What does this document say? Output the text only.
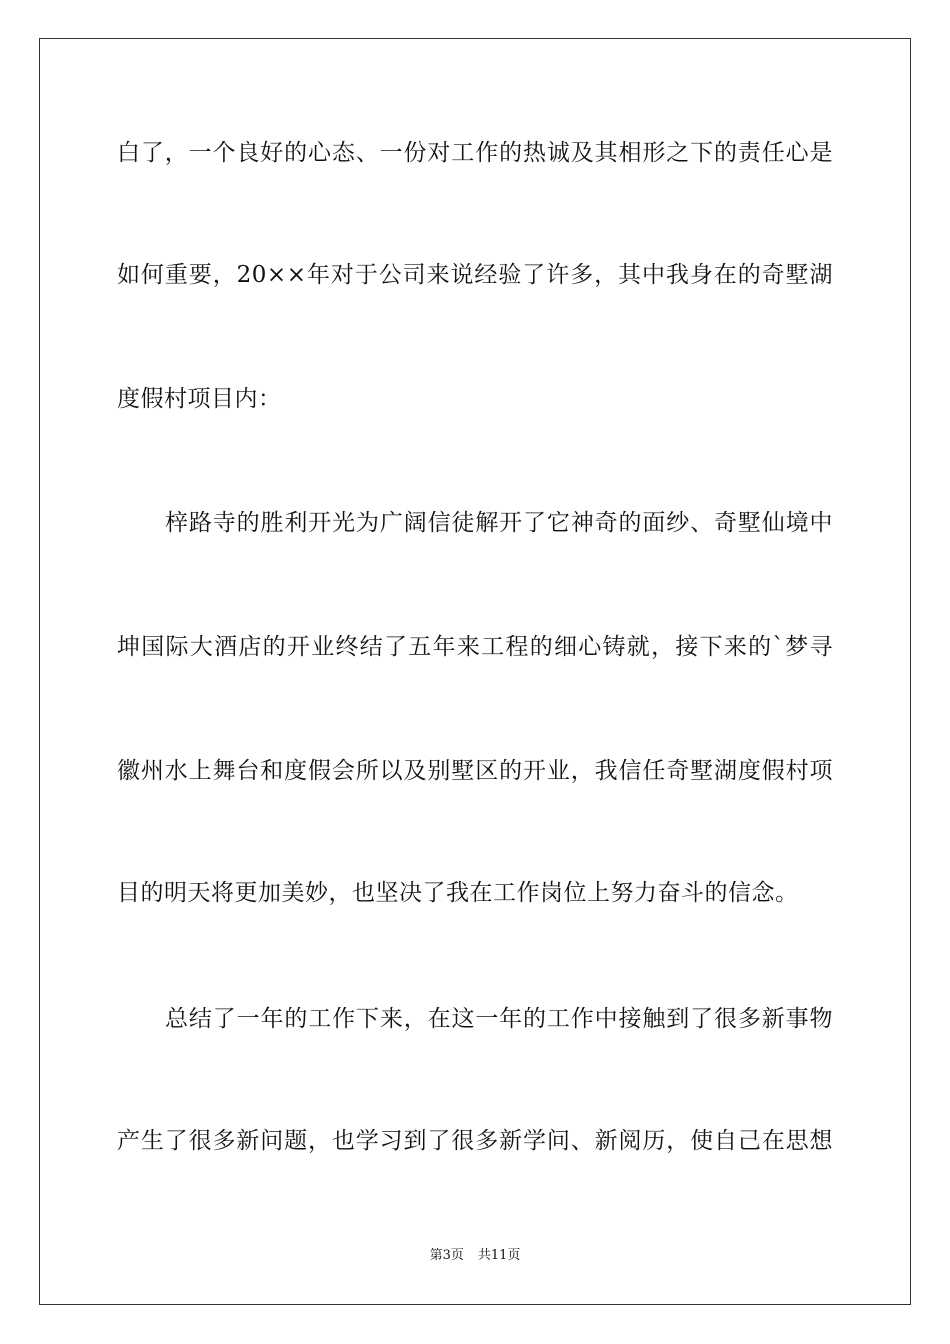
白了，一个良好的心态、一份对工作的热诚及其相形之下的责任心是
如何重要，20××年对于公司来说经验了许多，其中我身在的奇墅湖
度假村项目内：
梓路寺的胜利开光为广阔信徒解开了它神奇的面纱、奇墅仙境中
坤国际大酒店的开业终结了五年来工程的细心铸就，接下来的`梦寻
徽州水上舞台和度假会所以及别墅区的开业，我信任奇墅湖度假村项
目的明天将更加美妙，也坚决了我在工作岗位上努力奋斗的信念。
总结了一年的工作下来，在这一年的工作中接触到了很多新事物
产生了很多新问题，也学习到了很多新学问、新阅历，使自己在思想
第3页 共11页
